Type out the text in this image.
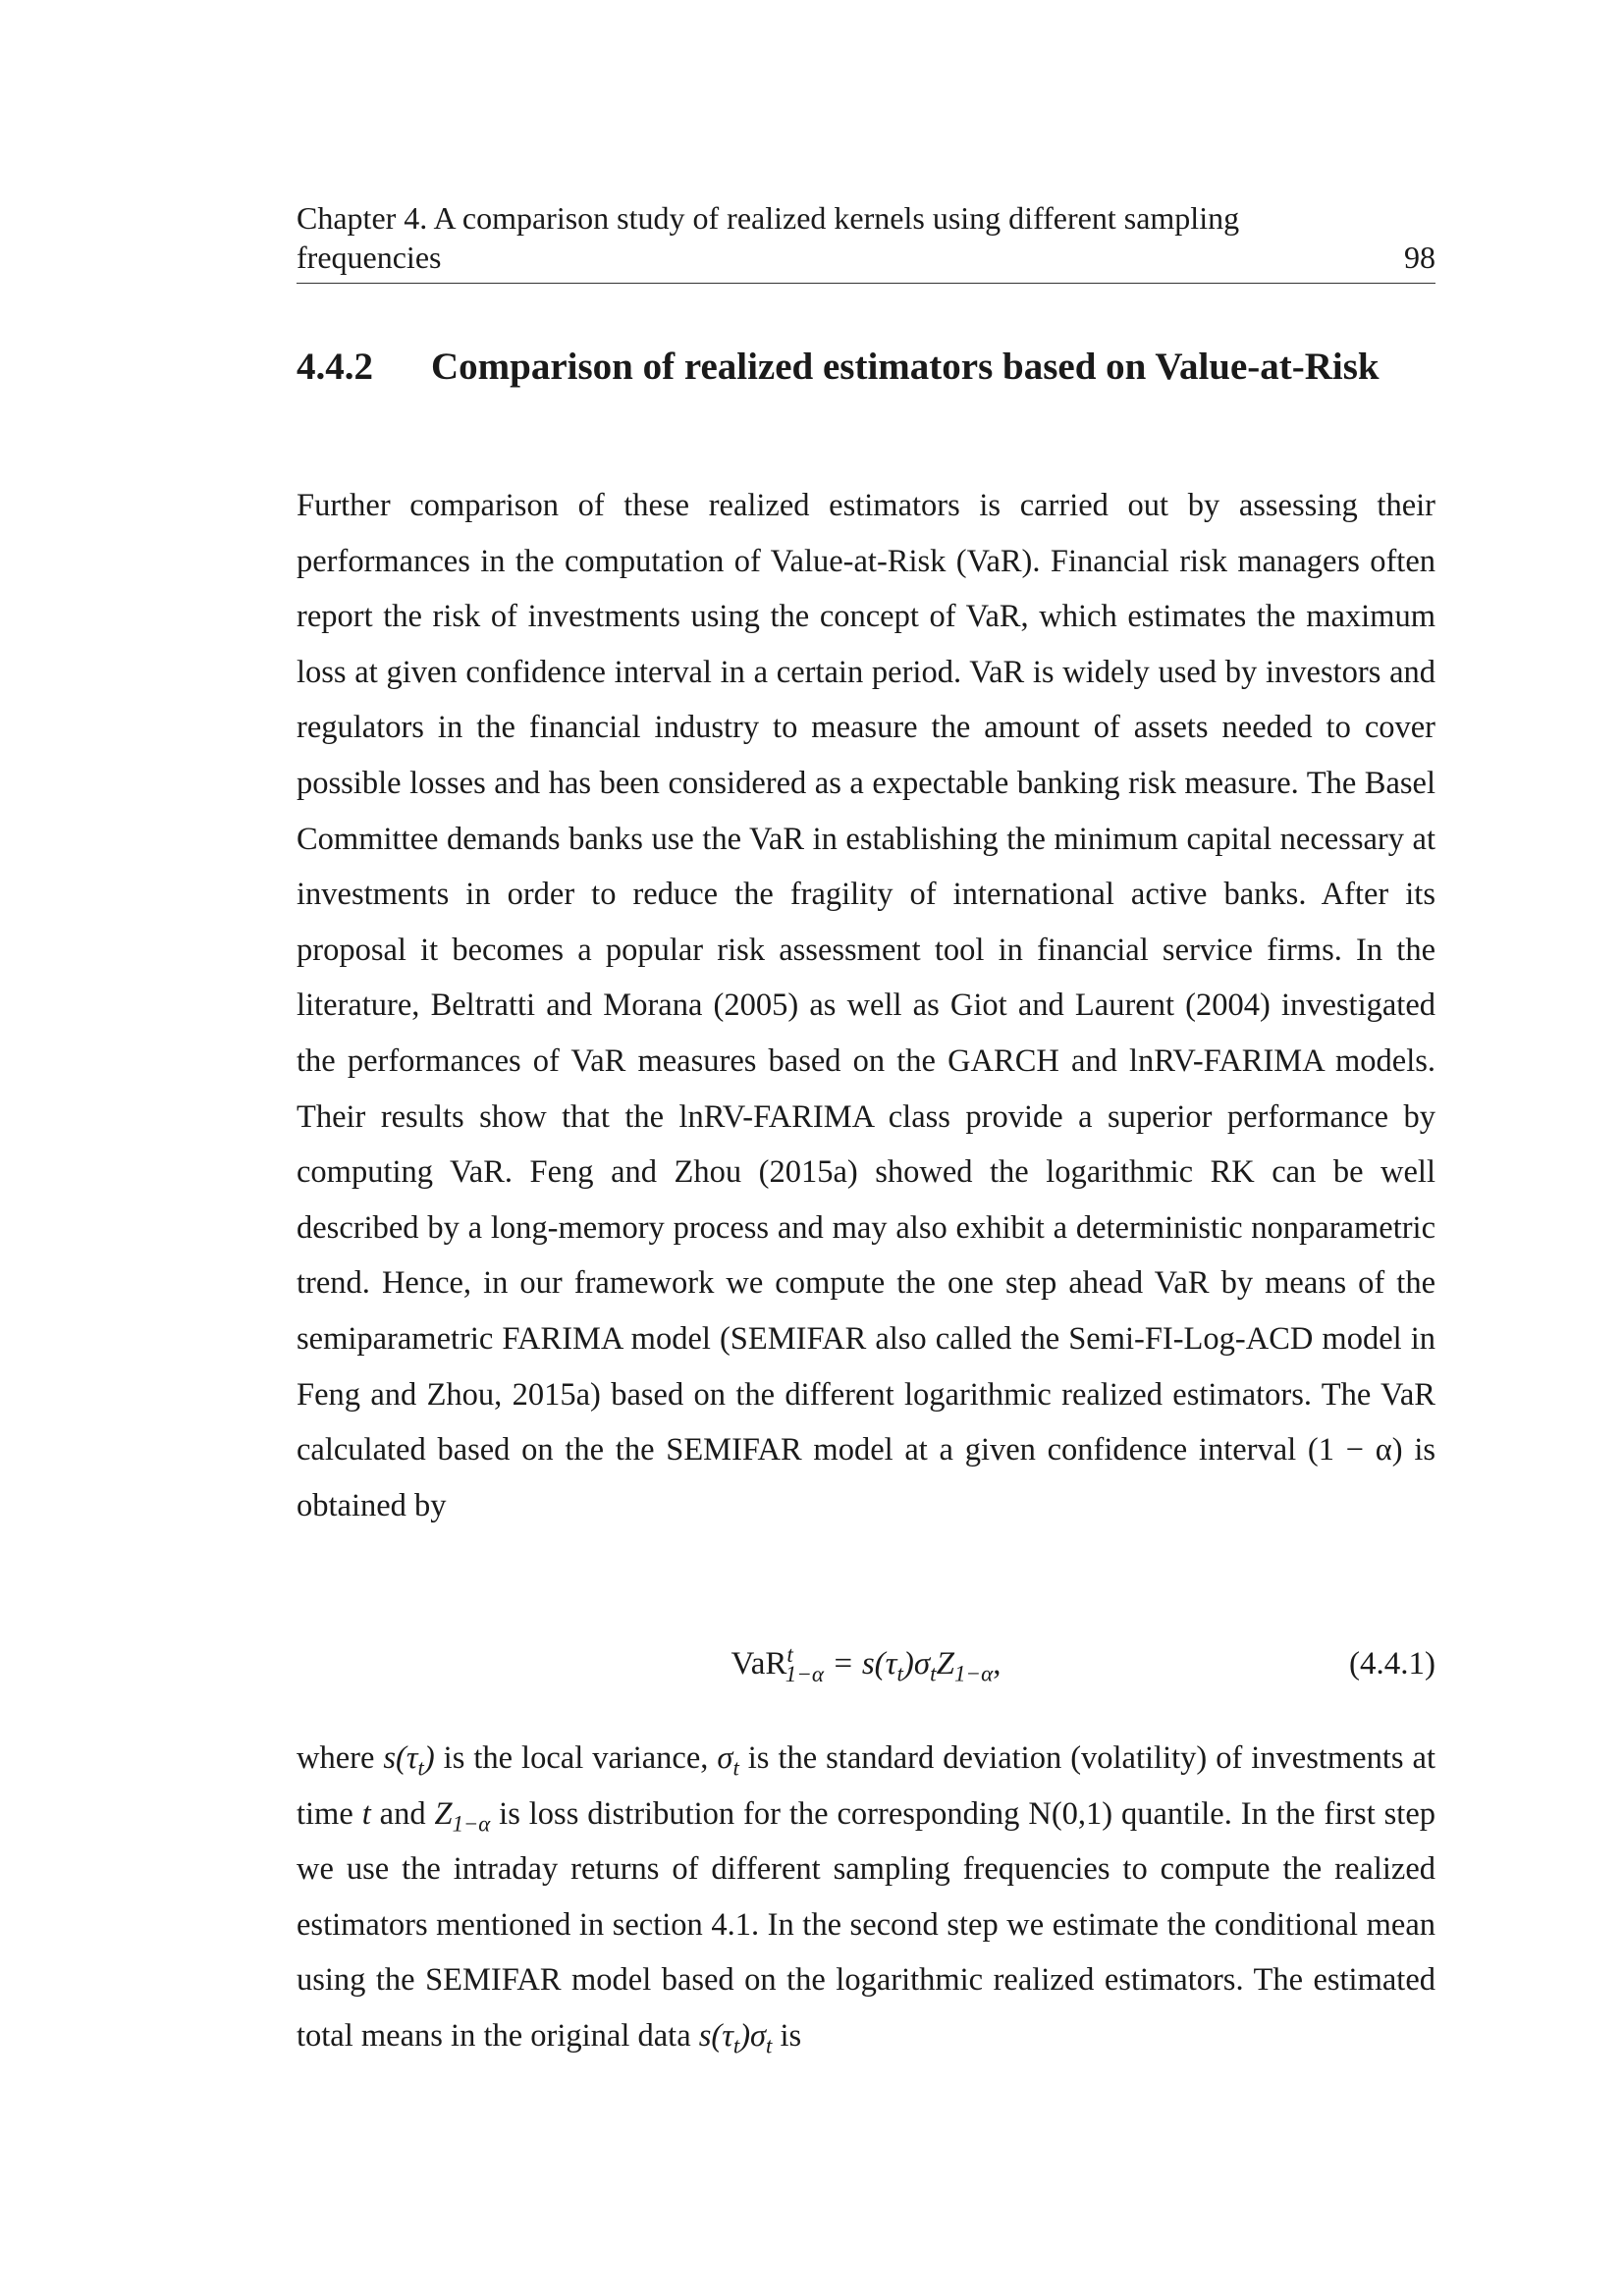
Chapter 4. A comparison study of realized kernels using different sampling
frequencies	98
4.4.2 Comparison of realized estimators based on Value-at-Risk
Further comparison of these realized estimators is carried out by assessing their performances in the computation of Value-at-Risk (VaR). Financial risk managers often report the risk of investments using the concept of VaR, which estimates the maximum loss at given confidence interval in a certain period. VaR is widely used by investors and regulators in the financial industry to measure the amount of assets needed to cover possible losses and has been considered as a expectable banking risk measure. The Basel Committee demands banks use the VaR in establishing the minimum capital necessary at investments in order to reduce the fragility of international active banks. After its proposal it becomes a popular risk assessment tool in financial service firms. In the literature, Beltratti and Morana (2005) as well as Giot and Laurent (2004) investigated the performances of VaR measures based on the GARCH and lnRV-FARIMA models. Their results show that the lnRV-FARIMA class provide a superior performance by computing VaR. Feng and Zhou (2015a) showed the logarithmic RK can be well described by a long-memory process and may also exhibit a deterministic nonparametric trend. Hence, in our framework we compute the one step ahead VaR by means of the semiparametric FARIMA model (SEMIFAR also called the Semi-FI-Log-ACD model in Feng and Zhou, 2015a) based on the different logarithmic realized estimators. The VaR calculated based on the the SEMIFAR model at a given confidence interval (1 − α) is obtained by
$VaR^t_{1-\alpha} = s(\tau_t)\sigma_tZ_{1-\alpha}$,	(4.4.1)
where $s(\tau_t)$ is the local variance, $\sigma_t$ is the standard deviation (volatility) of investments at time t and $Z_{1-\alpha}$ is loss distribution for the corresponding N(0,1) quantile. In the first step we use the intraday returns of different sampling frequencies to compute the realized estimators mentioned in section 4.1. In the second step we estimate the conditional mean using the SEMIFAR model based on the logarithmic realized estimators. The estimated total means in the original data $s(\tau_t)\sigma_t$ is
